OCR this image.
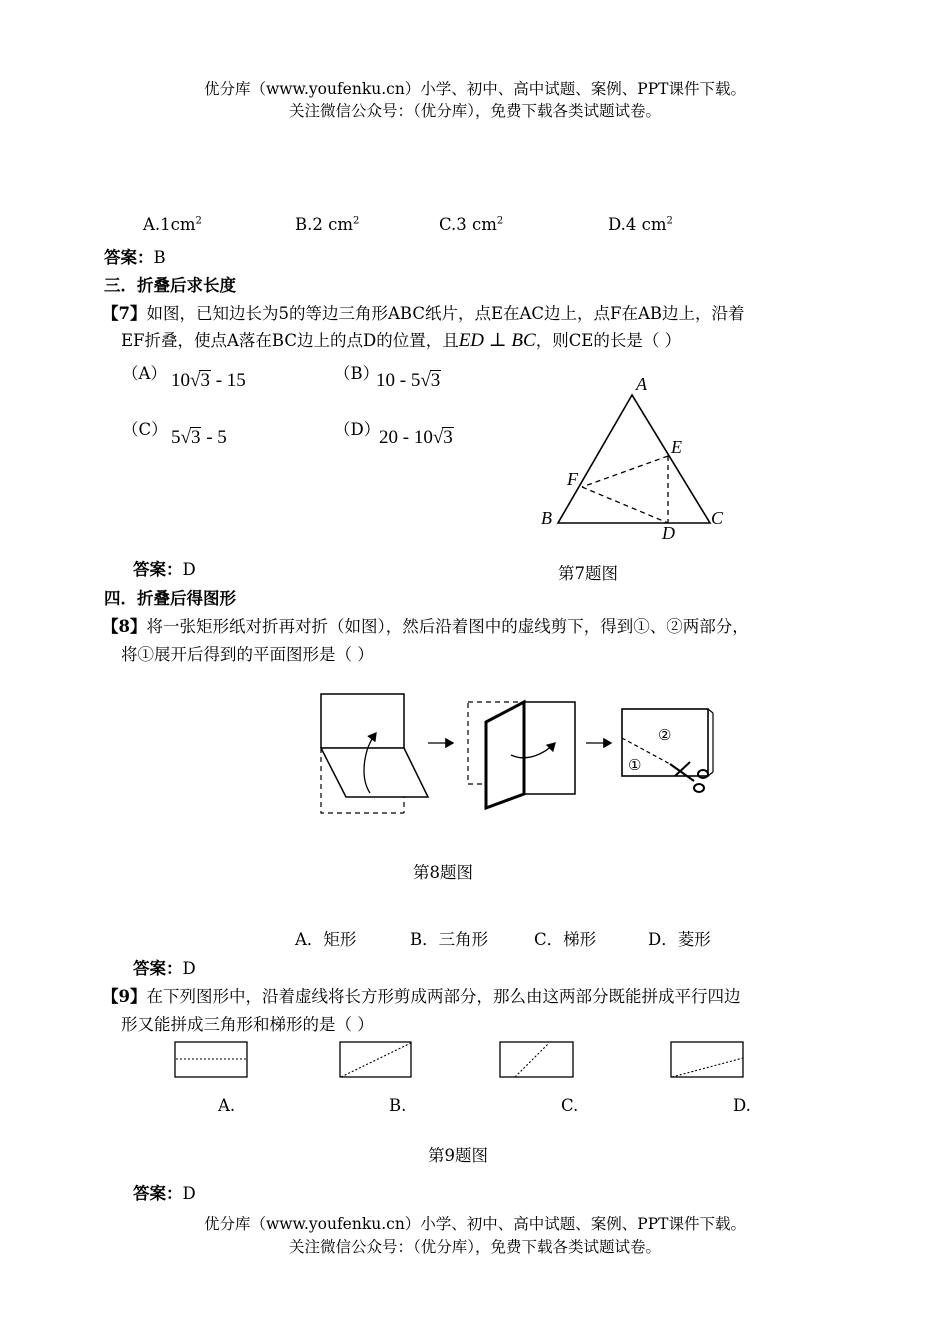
优分库（www.youfenku.cn）小学、初中、高中试题、案例、PPT课件下载。
关注微信公众号：（优分库），免费下载各类试题试卷。
$A.1cm^2$	B.2 $cm^2$	C.3 $cm^2$	D.4 $cm^2$
答案：B
三．折叠后求长度
【7】如图，已知边长为5的等边三角形ABC纸片，点E在AC边上，点F在AB边上，沿着
EF折叠，使点A落在BC边上的点D的位置，且ED ⊥ BC，则CE的长是（ ）
（A） 10√3 - 15	（B）
10 - 5√3
（C） 5√3 - 5	（D）
20 - 10√3
A
E
F
B
D
C
答案：D	第7题图
四．折叠后得图形
【8】将一张矩形纸对折再对折（如图），然后沿着图中的虚线剪下，得到①、②两部分，
将①展开后得到的平面图形是（ ）
②
①
第8题图
A．矩形	B．三角形	C．梯形	D．菱形
答案：D
【9】在下列图形中，沿着虚线将长方形剪成两部分，那么由这两部分既能拼成平行四边
形又能拼成三角形和梯形的是（ ）
A.	B.	C.	D.
第9题图
答案：D
优分库（www.youfenku.cn）小学、初中、高中试题、案例、PPT课件下载。
关注微信公众号：（优分库），免费下载各类试题试卷。
